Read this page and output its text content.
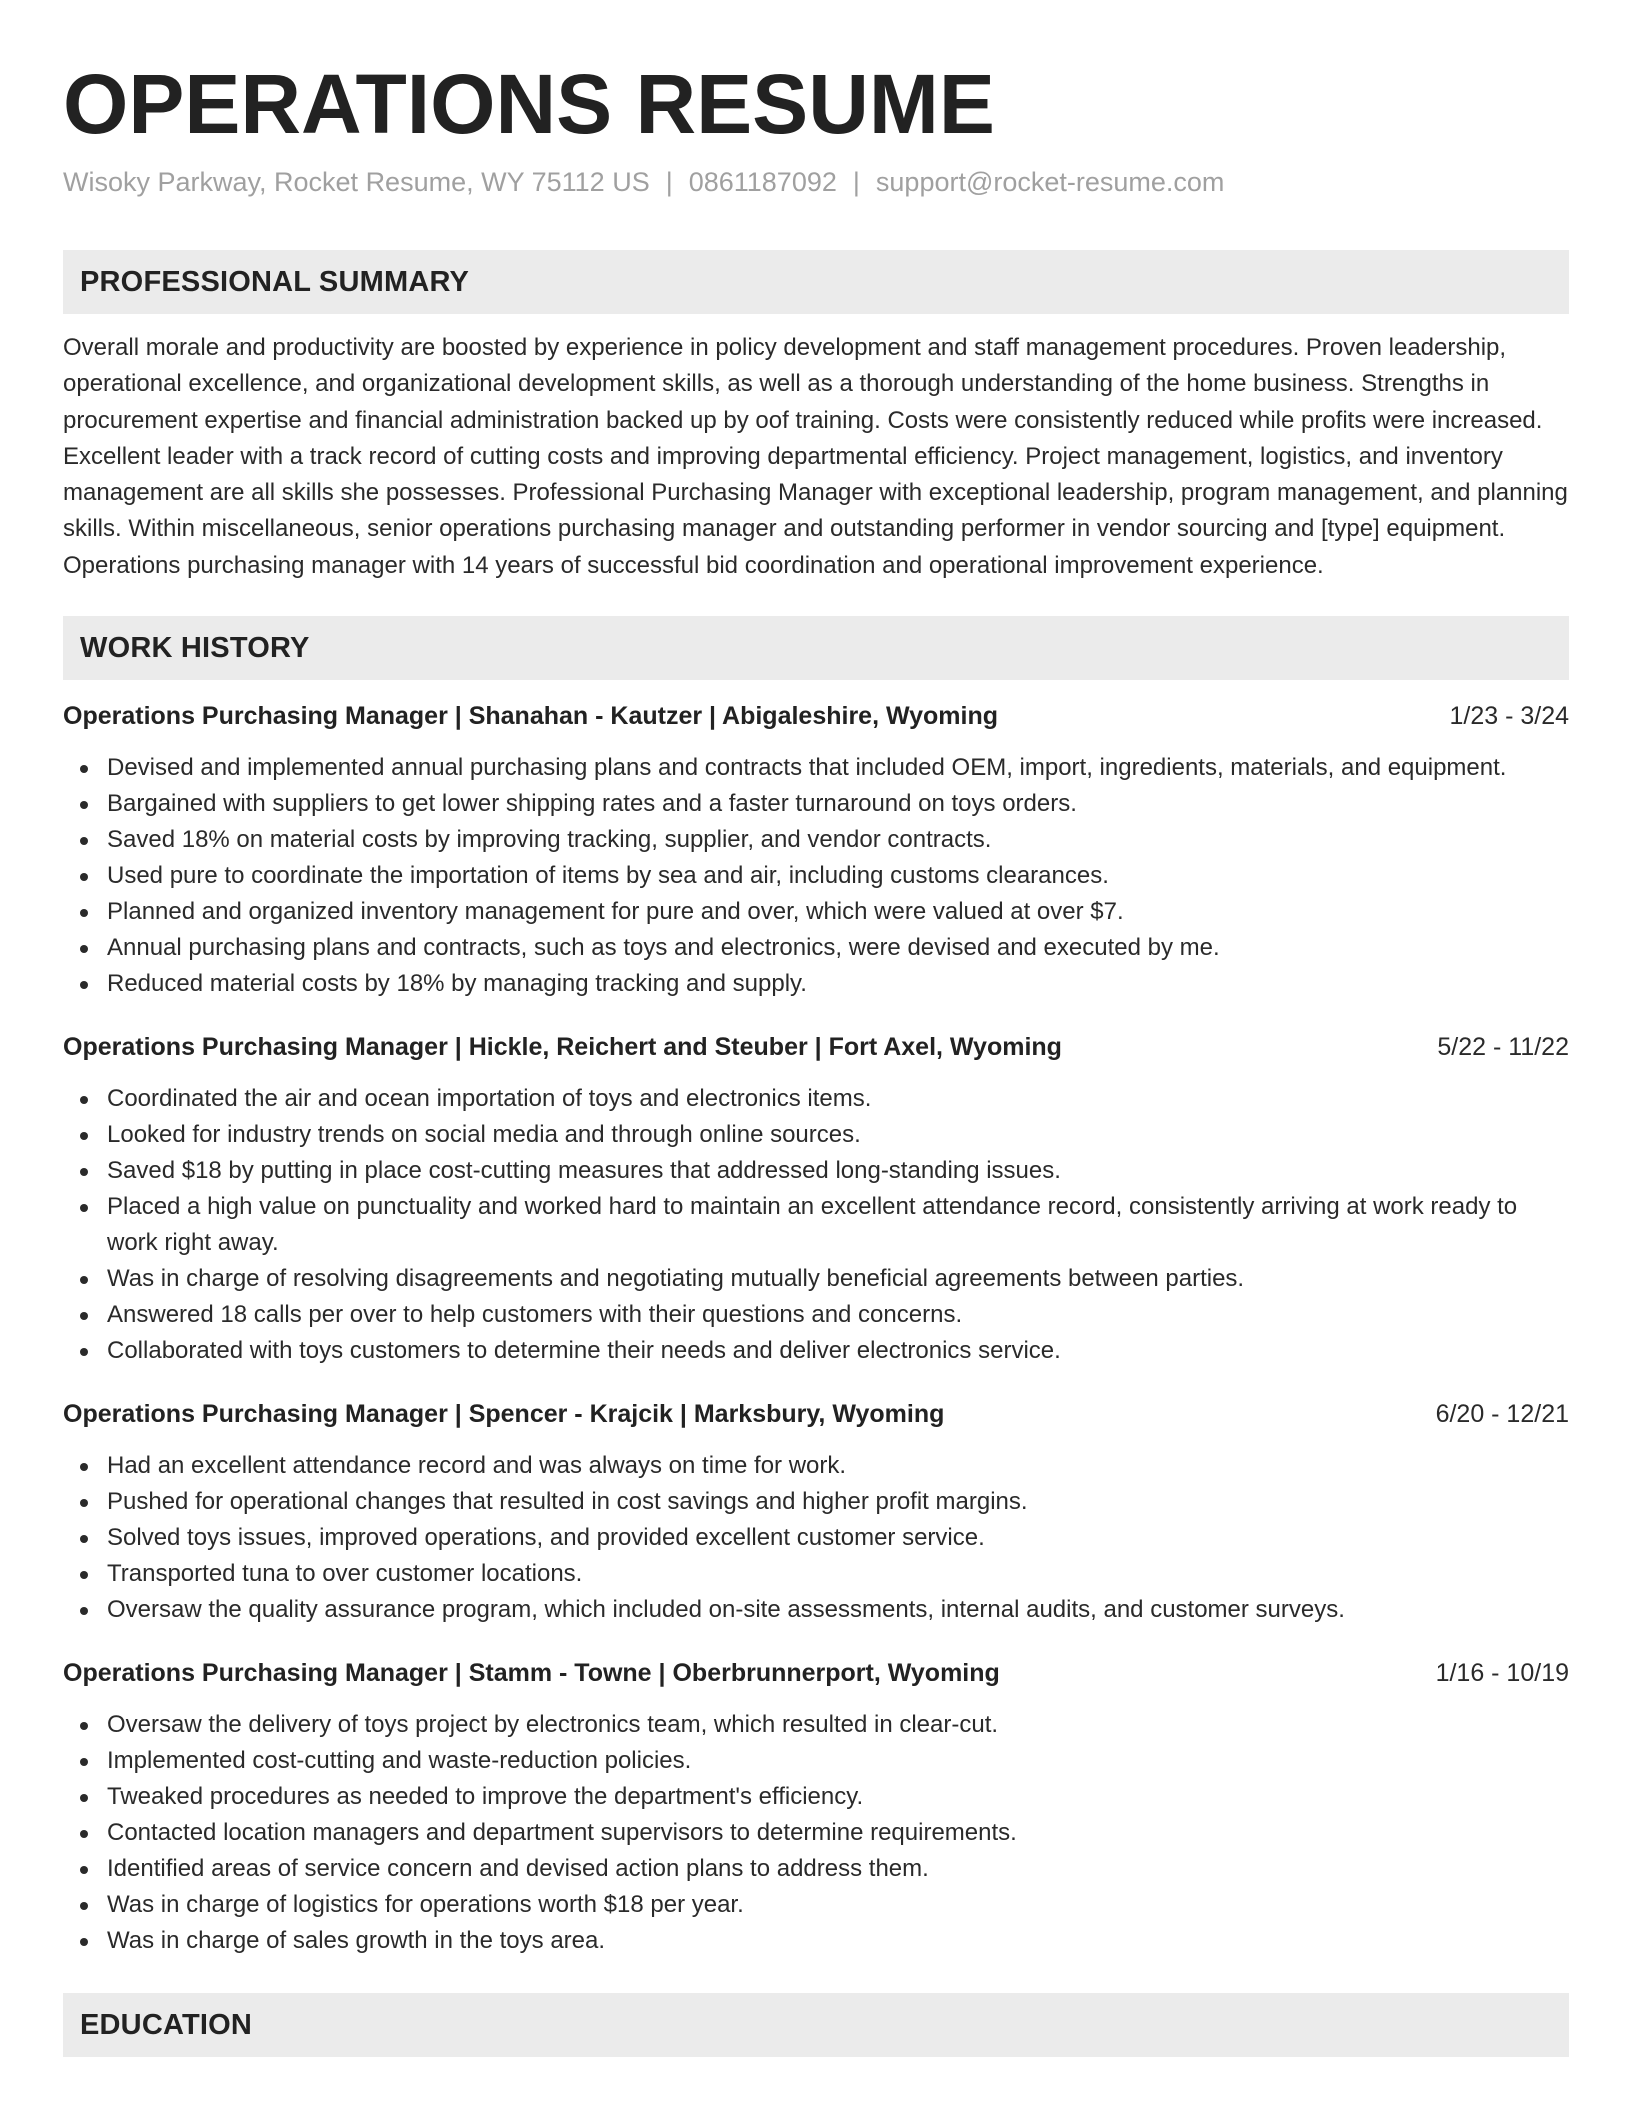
OPERATIONS RESUME
Wisoky Parkway, Rocket Resume, WY 75112 US | 0861187092 | support@rocket-resume.com
PROFESSIONAL SUMMARY
Overall morale and productivity are boosted by experience in policy development and staff management procedures. Proven leadership, operational excellence, and organizational development skills, as well as a thorough understanding of the home business. Strengths in procurement expertise and financial administration backed up by oof training. Costs were consistently reduced while profits were increased. Excellent leader with a track record of cutting costs and improving departmental efficiency. Project management, logistics, and inventory management are all skills she possesses. Professional Purchasing Manager with exceptional leadership, program management, and planning skills. Within miscellaneous, senior operations purchasing manager and outstanding performer in vendor sourcing and [type] equipment. Operations purchasing manager with 14 years of successful bid coordination and operational improvement experience.
WORK HISTORY
Operations Purchasing Manager | Shanahan - Kautzer | Abigaleshire, Wyoming	1/23 - 3/24
Devised and implemented annual purchasing plans and contracts that included OEM, import, ingredients, materials, and equipment.
Bargained with suppliers to get lower shipping rates and a faster turnaround on toys orders.
Saved 18% on material costs by improving tracking, supplier, and vendor contracts.
Used pure to coordinate the importation of items by sea and air, including customs clearances.
Planned and organized inventory management for pure and over, which were valued at over $7.
Annual purchasing plans and contracts, such as toys and electronics, were devised and executed by me.
Reduced material costs by 18% by managing tracking and supply.
Operations Purchasing Manager | Hickle, Reichert and Steuber | Fort Axel, Wyoming	5/22 - 11/22
Coordinated the air and ocean importation of toys and electronics items.
Looked for industry trends on social media and through online sources.
Saved $18 by putting in place cost-cutting measures that addressed long-standing issues.
Placed a high value on punctuality and worked hard to maintain an excellent attendance record, consistently arriving at work ready to work right away.
Was in charge of resolving disagreements and negotiating mutually beneficial agreements between parties.
Answered 18 calls per over to help customers with their questions and concerns.
Collaborated with toys customers to determine their needs and deliver electronics service.
Operations Purchasing Manager | Spencer - Krajcik | Marksbury, Wyoming	6/20 - 12/21
Had an excellent attendance record and was always on time for work.
Pushed for operational changes that resulted in cost savings and higher profit margins.
Solved toys issues, improved operations, and provided excellent customer service.
Transported tuna to over customer locations.
Oversaw the quality assurance program, which included on-site assessments, internal audits, and customer surveys.
Operations Purchasing Manager | Stamm - Towne | Oberbrunnerport, Wyoming	1/16 - 10/19
Oversaw the delivery of toys project by electronics team, which resulted in clear-cut.
Implemented cost-cutting and waste-reduction policies.
Tweaked procedures as needed to improve the department's efficiency.
Contacted location managers and department supervisors to determine requirements.
Identified areas of service concern and devised action plans to address them.
Was in charge of logistics for operations worth $18 per year.
Was in charge of sales growth in the toys area.
EDUCATION
